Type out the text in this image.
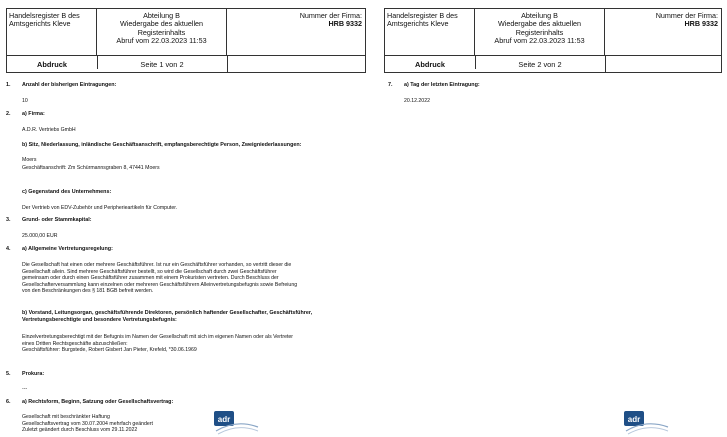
Handelsregister B des Amtsgerichts Kleve
Abteilung B
Wiedergabe des aktuellen Registerinhalts
Abruf vom 22.03.2023 11:53
Nummer der Firma:
HRB 9332
Abdruck	Seite 1 von 2
1. Anzahl der bisherigen Eintragungen:
10
2. a) Firma:
A.D.R. Vertriebs GmbH
b) Sitz, Niederlassung, inländische Geschäftsanschrift, empfangsberechtigte Person, Zweigniederlassungen:
Moers
Geschäftsanschrift: Zm Schürmannsgraben 8, 47441 Moers
c) Gegenstand des Unternehmens:
Der Vertrieb von EDV-Zubehör und Peripherieartikeln für Computer.
3. Grund- oder Stammkapital:
25.000,00 EUR
4. a) Allgemeine Vertretungsregelung:
Die Gesellschaft hat einen oder mehrere Geschäftsführer. Ist nur ein Geschäftsführer vorhanden, so vertritt dieser die
Gesellschaft allein. Sind mehrere Geschäftsführer bestellt, so wird die Gesellschaft durch zwei Geschäftsführer
gemeinsam oder durch einen Geschäftsführer zusammen mit einem Prokuristen vertreten. Durch Beschluss der
Gesellschafterversammlung kann einzelnen oder mehreren Geschäftsführern Alleinvertretungsbefugnis sowie Befreiung
von den Beschränkungen des § 181 BGB befreit werden.
b) Vorstand, Leitungsorgan, geschäftsführende Direktoren, persönlich haftender Gesellschafter, Geschäftsführer,
Vertretungsberechtigte und besondere Vertretungsbefugnis:
Einzelvertretungsberechtigt mit der Befugnis im Namen der Gesellschaft mit sich im eigenen Namen oder als Vertreter
eines Dritten Rechtsgeschäfte abzuschließen:
Geschäftsführer: Burgstede, Robert Gisbert Jan Pieter, Krefeld, *30.06.1969
5. Prokura:
---
6. a) Rechtsform, Beginn, Satzung oder Gesellschaftsvertrag:
Gesellschaft mit beschränkter Haftung
Gesellschaftsvertrag vom 30.07.2004 mehrfach geändert
Zuletzt geändert durch Beschluss vom 29.11.2022
adr
Handelsregister B des Amtsgerichts Kleve
Abteilung B
Wiedergabe des aktuellen Registerinhalts
Abruf vom 22.03.2023 11:53
Nummer der Firma:
HRB 9332
Abdruck	Seite 2 von 2
7. a) Tag der letzten Eintragung:
20.12.2022
adr
